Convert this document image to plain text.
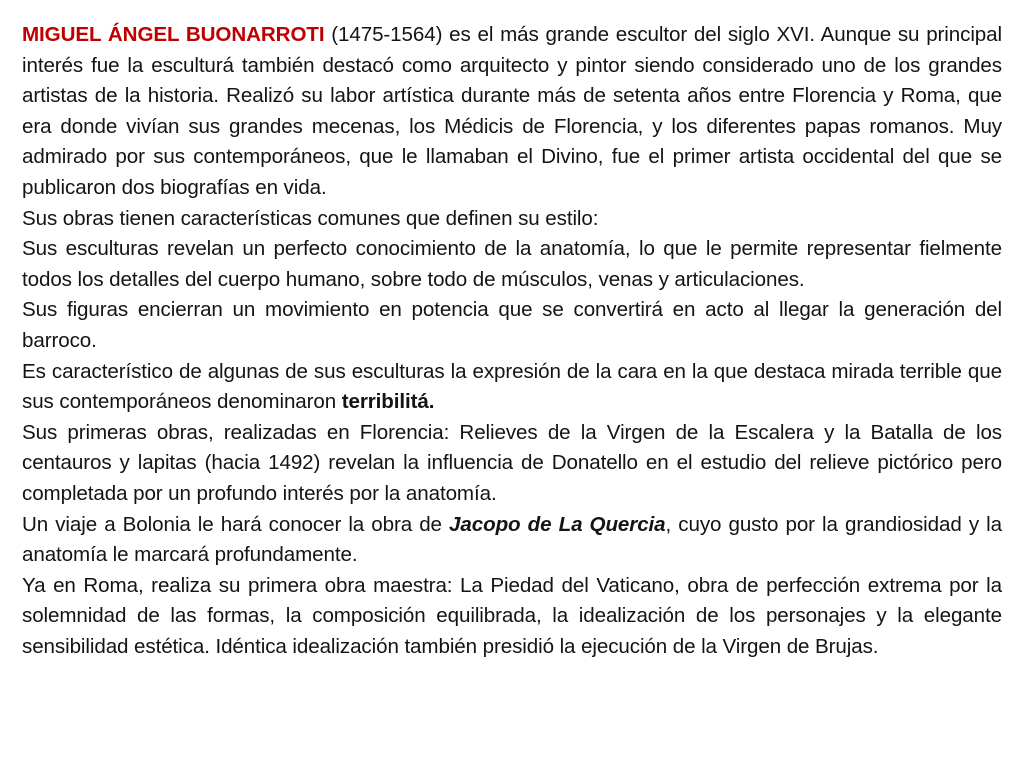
MIGUEL ÁNGEL BUONARROTI (1475-1564) es el más grande escultor del siglo XVI. Aunque su principal interés fue la esculturá también destacó como arquitecto y pintor siendo considerado uno de los grandes artistas de la historia. Realizó su labor artística durante más de setenta años entre Florencia y Roma, que era donde vivían sus grandes mecenas, los Médicis de Florencia, y los diferentes papas romanos. Muy admirado por sus contemporáneos, que le llamaban el Divino, fue el primer artista occidental del que se publicaron dos biografías en vida.

Sus obras tienen características comunes que definen su estilo:

Sus esculturas revelan un perfecto conocimiento de la anatomía, lo que le permite representar fielmente todos los detalles del cuerpo humano, sobre todo de músculos, venas y articulaciones.

Sus figuras encierran un movimiento en potencia que se convertirá en acto al llegar la generación del barroco.

Es característico de algunas de sus esculturas la expresión de la cara en la que destaca mirada terrible que sus contemporáneos denominaron terribilitá.

Sus primeras obras, realizadas en Florencia: Relieves de la Virgen de la Escalera y la Batalla de los centauros y lapitas (hacia 1492) revelan la influencia de Donatello en el estudio del relieve pictórico pero completada por un profundo interés por la anatomía.

Un viaje a Bolonia le hará conocer la obra de Jacopo de La Quercia, cuyo gusto por la grandiosidad y la anatomía le marcará profundamente.

Ya en Roma, realiza su primera obra maestra: La Piedad del Vaticano, obra de perfección extrema por la solemnidad de las formas, la composición equilibrada, la idealización de los personajes y la elegante sensibilidad estética. Idéntica idealización también presidió la ejecución de la Virgen de Brujas.
